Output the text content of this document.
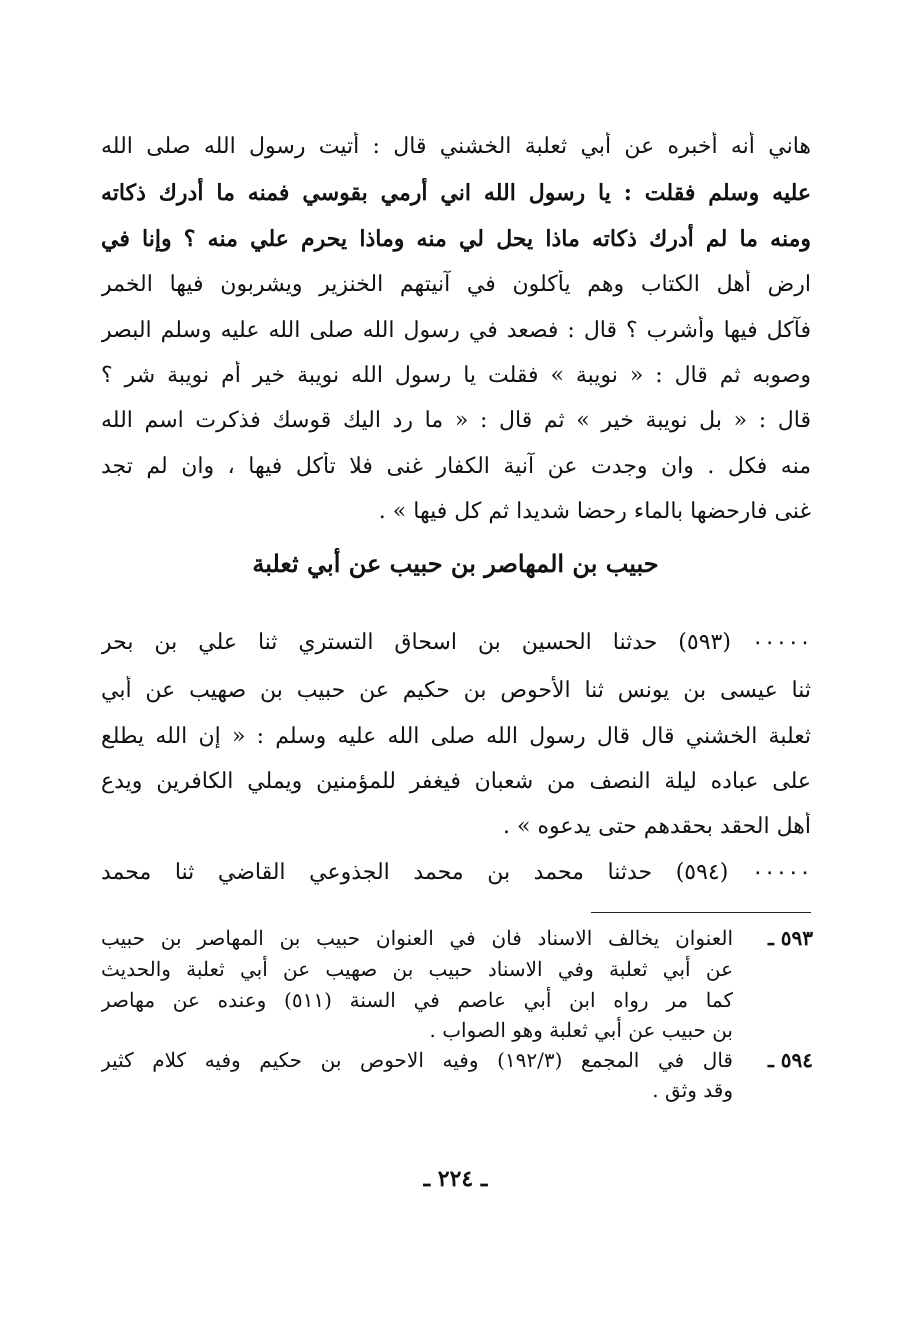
هاني أنه أخبره عن أبي ثعلبة الخشني قال : أتيت رسول الله صلى الله
عليه وسلم فقلت : يا رسول الله اني أرمي بقوسي فمنه ما أدرك ذكاته
ومنه ما لم أدرك ذكاته ماذا يحل لي منه وماذا يحرم علي منه ؟ وإنا في
ارض أهل الكتاب وهم يأكلون في آنيتهم الخنزير ويشربون فيها الخمر
فآكل فيها وأشرب ؟ قال : فصعد في رسول الله صلى الله عليه وسلم البصر
وصوبه ثم قال : « نويبة » فقلت يا رسول الله نويبة خير أم نويبة شر ؟
قال : « بل نويبة خير » ثم قال : « ما رد اليك قوسك فذكرت اسم الله
منه فكل . وان وجدت عن آنية الكفار غنى فلا تأكل فيها ، وان لم تجد
غنى فارحضها بالماء رحضا شديدا ثم كل فيها » .
حبيب بن المهاصر بن حبيب عن أبي ثعلبة
٠٠٠٠٠ (٥٩٣) حدثنا الحسين بن اسحاق التستري ثنا علي بن بحر
ثنا عيسى بن يونس ثنا الأحوص بن حكيم عن حبيب بن صهيب عن أبي
ثعلبة الخشني قال قال رسول الله صلى الله عليه وسلم : « إن الله يطلع
على عباده ليلة النصف من شعبان فيغفر للمؤمنين ويملي الكافرين ويدع
أهل الحقد بحقدهم حتى يدعوه » .
٠٠٠٠٠ (٥٩٤) حدثنا محمد بن محمد الجذوعي القاضي ثنا محمد
٥٩٣ ـ
العنوان يخالف الاسناد فان في العنوان حبيب بن المهاصر بن حبيب
عن أبي ثعلبة وفي الاسناد حبيب بن صهيب عن أبي ثعلبة والحديث
كما مر رواه ابن أبي عاصم في السنة (٥١١) وعنده عن مهاصر
بن حبيب عن أبي ثعلبة وهو الصواب .
٥٩٤ ـ
قال في المجمع (١٩٢/٣) وفيه الاحوص بن حكيم وفيه كلام كثير
وقد وثق .
ـ ٢٢٤ ـ
